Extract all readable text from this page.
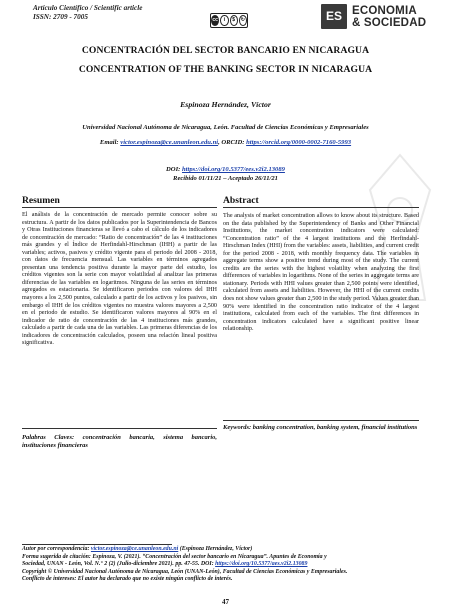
Artículo Científico / Scientific article
ISSN: 2709 - 7005	cc	i	$	↻	ES ECONOMIA
& SOCIEDAD
CONCENTRACIÓN DEL SECTOR BANCARIO EN NICARAGUA
CONCENTRATION OF THE BANKING SECTOR IN NICARAGUA
Espinoza Hernández, Víctor
Universidad Nacional Autónoma de Nicaragua, León. Facultad de Ciencias Económicas y Empresariales
Email: victor.espinoza@ce.unanleon.edu.ni, ORCID: https://orcid.org/0000-0002-7160-5993
DOI: https://doi.org/10.5377/ees.v2i2.13089
Recibido 01/11/21 – Aceptado 26/11/21
Resumen
El análisis de la concentración de mercado permite conocer sobre su estructura. A partir de los datos publicados por la Superintendencia de Bancos y Otras Instituciones financieras se llevó a cabo el cálculo de los indicadores de concentración de mercado: “Ratio de concentración” de las 4 instituciones más grandes y el Índice de Herfindahl-Hirschman (IHH) a partir de las variables; activos, pasivos y crédito vigente para el periodo del 2008 - 2018, con datos de frecuencia mensual. Las variables en términos agregados presentan una tendencia positiva durante la mayor parte del estudio, los créditos vigentes son la serie con mayor volatilidad al analizar las primeras diferencias de las variables en logaritmos. Ninguna de las series en términos agregados es estacionaria. Se identificaron periodos con valores del IHH mayores a los 2,500 puntos, calculado a partir de los activos y los pasivos, sin embargo el IHH de los créditos vigentes no muestra valores mayores a 2,500 en el periodo de estudio. Se identificaron valores mayores al 90% en el indicador de ratio de concentración de las 4 instituciones más grandes, calculado a partir de cada una de las variables. Las primeras diferencias de los indicadores de concentración calculados, poseen una relación lineal positiva significativa.
Palabras Claves: concentración bancaria, sistema bancario, instituciones financieras
Abstract
The analysis of market concentration allows to know about its structure. Based on the data published by the Superintendency of Banks and Other Financial Institutions, the market concentration indicators were calculated: “Concentration ratio” of the 4 largest institutions and the Herfindahl-Hirschman Index (HHI) from the variables: assets, liabilities, and current credit for the period 2008 - 2018, with monthly frequency data. The variables in aggregate terms show a positive trend during most of the study. The current credits are the series with the highest volatility when analyzing the first differences of variables in logarithms. None of the series in aggregate terms are stationary. Periods with HHI values greater than 2,500 points were identified, calculated from assets and liabilities. However, the HHI of the current credits does not show values greater than 2,500 in the study period. Values greater than 90% were identified in the concentration ratio indicator of the 4 largest institutions, calculated from each of the variables. The first differences in concentration indicators calculated have a significant positive linear relationship.
Keywords: banking concentration, banking system, financial institutions
Autor por correspondencia: victor.espinoza@ce.unanleon.edu.ni (Espinoza Hernández, Víctor)
Forma sugerida de citación: Espinoza, V. (2021). “Concentración del sector bancario en Nicaragua”. Apuntes de Economía y
Sociedad, UNAN - León, Vol. N.° 2 (2) (Julio-diciembre 2021). pp. 47-55. DOI: https://doi.org/10.5377/aes.v2i2.13089
Copyright © Universidad Nacional Autónoma de Nicaragua, León (UNAN-León), Facultad de Ciencias Económicas y Empresariales.
Conflicto de intereses: El autor ha declarado que no existe ningún conflicto de interés.
47
